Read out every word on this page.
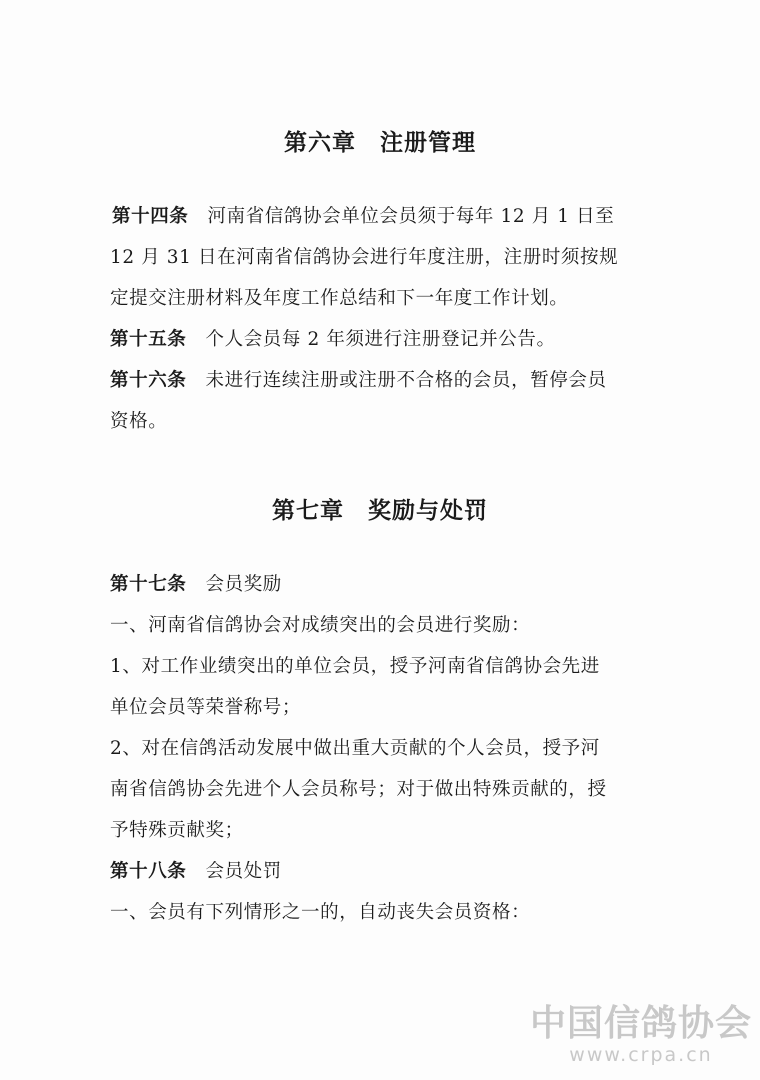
第六章　注册管理
第十四条　河南省信鸽协会单位会员须于每年 12 月 1 日至
12 月 31 日在河南省信鸽协会进行年度注册，注册时须按规
定提交注册材料及年度工作总结和下一年度工作计划。
第十五条　个人会员每 2 年须进行注册登记并公告。
第十六条　未进行连续注册或注册不合格的会员，暂停会员
资格。
第七章　奖励与处罚
第十七条　会员奖励
一、河南省信鸽协会对成绩突出的会员进行奖励：
1、对工作业绩突出的单位会员，授予河南省信鸽协会先进
单位会员等荣誉称号；
2、对在信鸽活动发展中做出重大贡献的个人会员，授予河
南省信鸽协会先进个人会员称号；对于做出特殊贡献的，授
予特殊贡献奖；
第十八条　会员处罚
一、会员有下列情形之一的，自动丧失会员资格：
中国信鸽协会
www.crpa.cn
